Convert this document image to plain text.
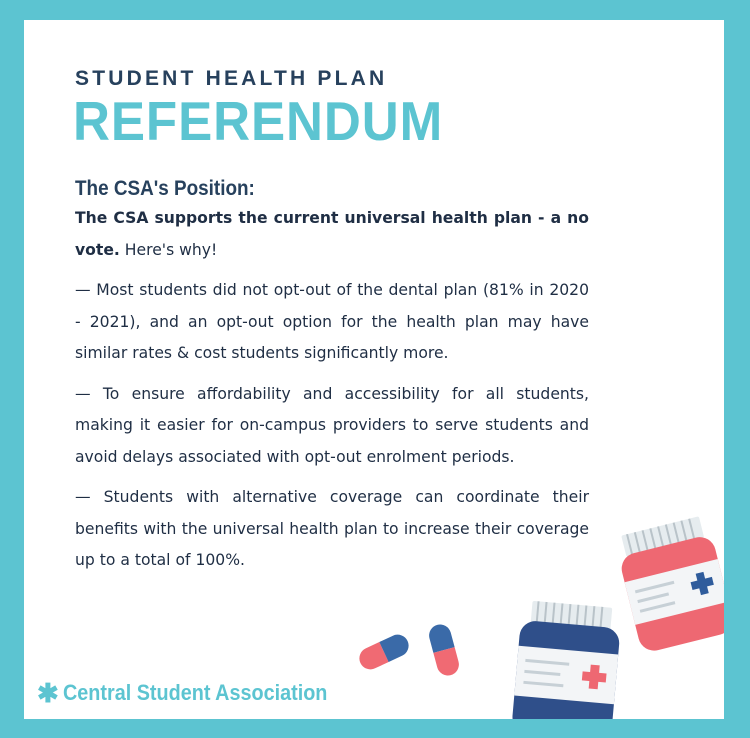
STUDENT HEALTH PLAN
REFERENDUM
The CSA's Position:

The CSA supports the current universal health plan - a no vote. Here's why!

— Most students did not opt-out of the dental plan (81% in 2020 - 2021), and an opt-out option for the health plan may have similar rates & cost students significantly more.

— To ensure affordability and accessibility for all students, making it easier for on-campus providers to serve students and avoid delays associated with opt-out enrolment periods.

— Students with alternative coverage can coordinate their benefits with the universal health plan to increase their coverage up to a total of 100%.

✱ Central Student Association
